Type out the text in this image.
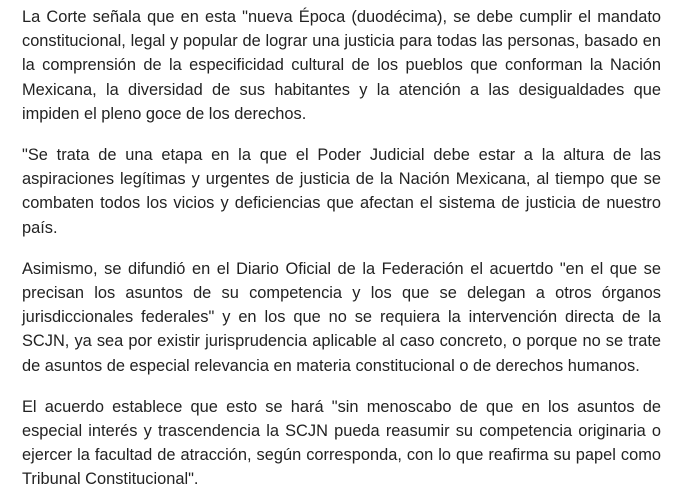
La Corte señala que en esta "nueva Época (duodécima), se debe cumplir el mandato constitucional, legal y popular de lograr una justicia para todas las personas, basado en la comprensión de la especificidad cultural de los pueblos que conforman la Nación Mexicana, la diversidad de sus habitantes y la atención a las desigualdades que impiden el pleno goce de los derechos.

"Se trata de una etapa en la que el Poder Judicial debe estar a la altura de las aspiraciones legítimas y urgentes de justicia de la Nación Mexicana, al tiempo que se combaten todos los vicios y deficiencias que afectan el sistema de justicia de nuestro país.

Asimismo, se difundió en el Diario Oficial de la Federación el acuertdo "en el que se precisan los asuntos de su competencia y los que se delegan a otros órganos jurisdiccionales federales" y en los que no se requiera la intervención directa de la SCJN, ya sea por existir jurisprudencia aplicable al caso concreto, o porque no se trate de asuntos de especial relevancia en materia constitucional o de derechos humanos.

El acuerdo establece que esto se hará "sin menoscabo de que en los asuntos de especial interés y trascendencia la SCJN pueda reasumir su competencia originaria o ejercer la facultad de atracción, según corresponda, con lo que reafirma su papel como Tribunal Constitucional".
